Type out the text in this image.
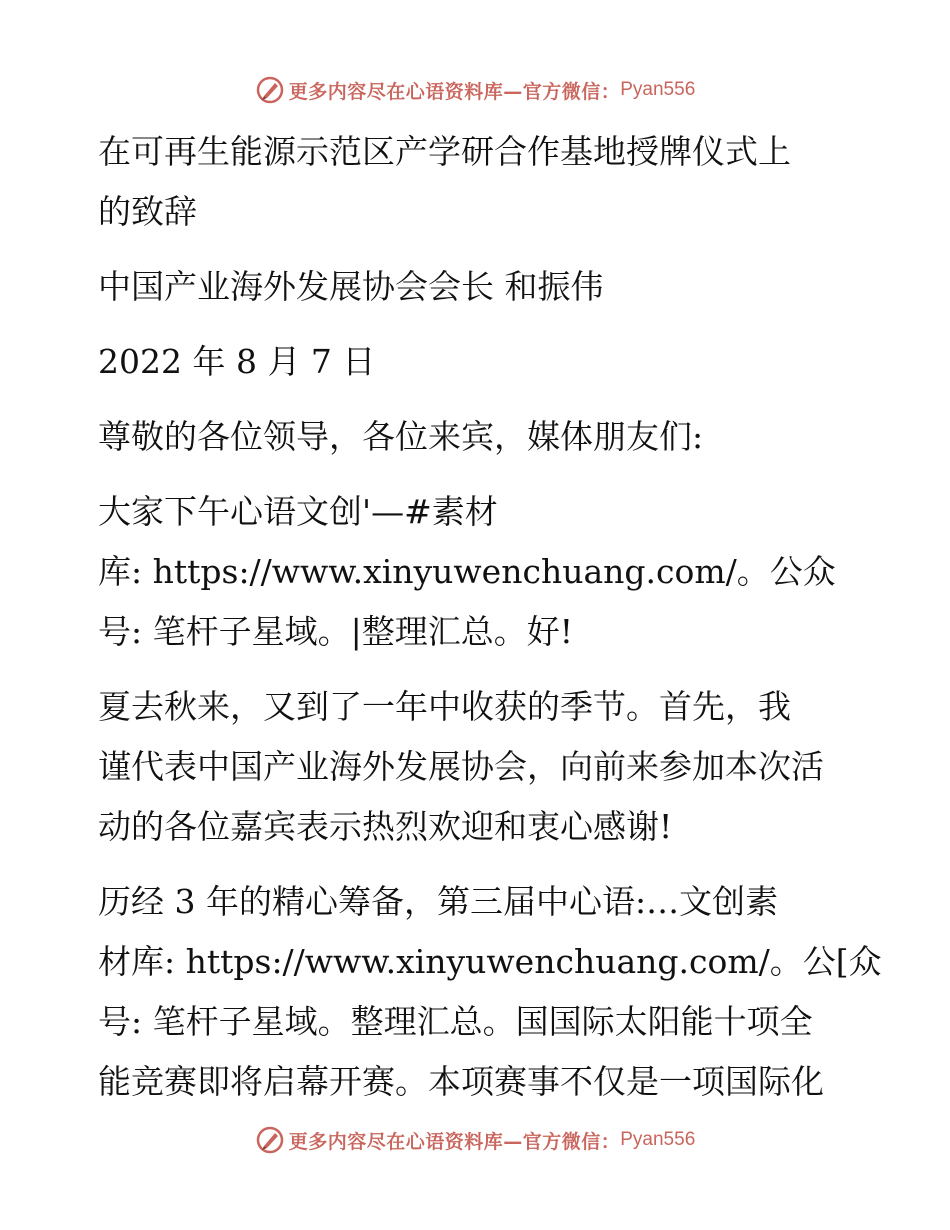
更多内容尽在心语资料库—官方微信： Pyan556
在可再生能源示范区产学研合作基地授牌仪式上
的致辞
中国产业海外发展协会会长 和振伟
2022 年 8 月 7 日
尊敬的各位领导，各位来宾，媒体朋友们:
大家下午心语文创'—#素材
库: https://www.xinyuwenchuang.com/。公众
号: 笔杆子星域。|整理汇总。好!
夏去秋来，又到了一年中收获的季节。首先，我
谨代表中国产业海外发展协会，向前来参加本次活
动的各位嘉宾表示热烈欢迎和衷心感谢!
历经 3 年的精心筹备，第三届中心语:…文创素
材库: https://www.xinyuwenchuang.com/。公[众
号: 笔杆子星域。整理汇总。国国际太阳能十项全
能竞赛即将启幕开赛。本项赛事不仅是一项国际化
更多内容尽在心语资料库—官方微信： Pyan556
